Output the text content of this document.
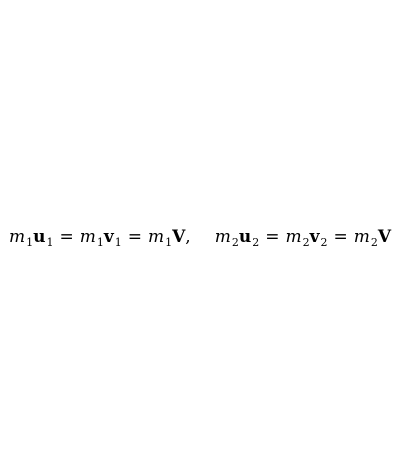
m 1 u 1 = m 1 v 1 = m 1 V , m 2 u 2 = m 2 v 2 = m 2 V
